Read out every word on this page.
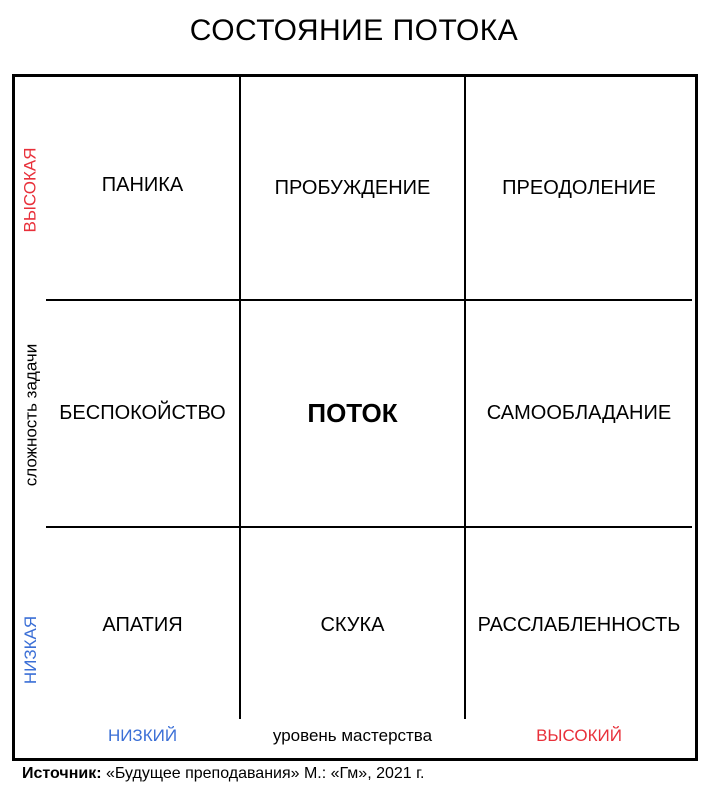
СОСТОЯНИЕ ПОТОКА
ПАНИКА	ПРОБУЖДЕНИЕ	ПРЕОДОЛЕНИЕ
БЕСПОКОЙСТВО	ПОТОК	САМООБЛАДАНИЕ
АПАТИЯ	СКУКА	РАССЛАБЛЕННОСТЬ
ВЫСОКАЯ
сложность задачи
НИЗКАЯ
НИЗКИЙ	уровень мастерства	ВЫСОКИЙ
Источник: «Будущее преподавания» М.: «Гм», 2021 г.
